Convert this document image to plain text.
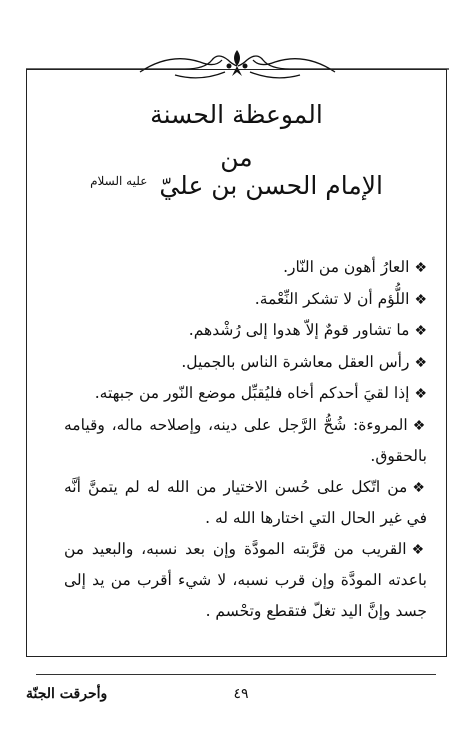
الموعظة الحسنة
من
الإمام الحسن بن عليّ $^{عليه السلام}$

❖العارُ أهون من النّار.

❖اللُّؤم أن لا تشكر النِّعْمة.

❖ما تشاور قومٌ إلاّ هدوا إلى رُشْدهم.

❖رأس العقل معاشرة الناس بالجميل.

❖إذا لقيَ أحدكم أخاه فليُقبِّل موضع النّور من جبهته.

❖المروءة: شُحُّ الرَّجل على دينه، وإصلاحه ماله، وقيامه بالحقوق.

❖من اتّكل على حُسن الاختيار من الله له لم يتمنَّ أنَّه في غير الحال التي اختارها الله له .

❖القريب من قرَّبته المودَّة وإن بعد نسبه، والبعيد من باعدته المودَّة وإن قرب نسبه، لا شيء أقرب من يد إلى جسد وإنَّ اليد تغلّ فتقطع وتحْسم .

وأحرقت الجنّة	٤٩
